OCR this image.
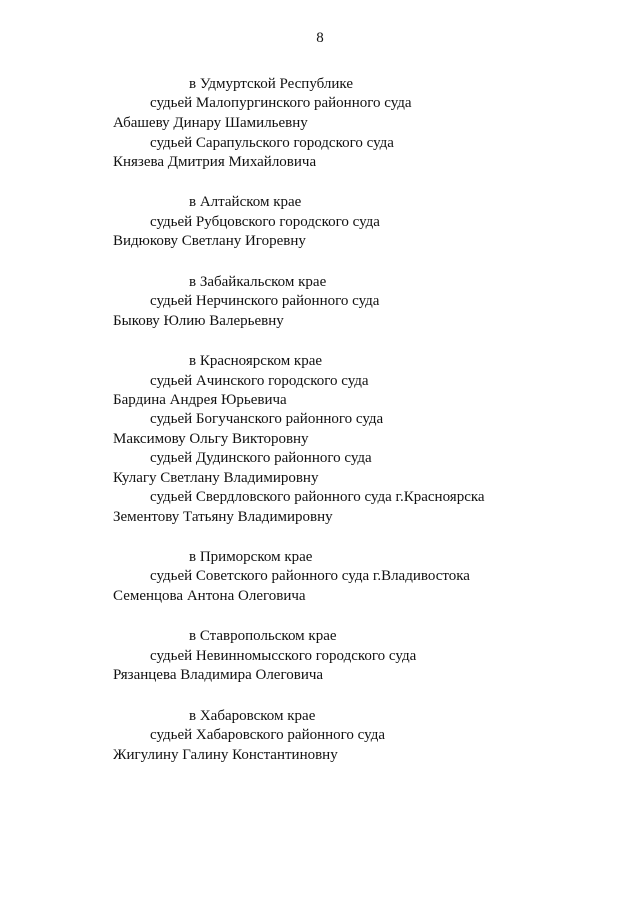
8
в Удмуртской Республике
судьей Малопургинского районного суда
Абашеву Динару Шамильевну
судьей Сарапульского городского суда
Князева Дмитрия Михайловича
в Алтайском крае
судьей Рубцовского городского суда
Видюкову Светлану Игоревну
в Забайкальском крае
судьей Нерчинского районного суда
Быкову Юлию Валерьевну
в Красноярском крае
судьей Ачинского городского суда
Бардина Андрея Юрьевича
судьей Богучанского районного суда
Максимову Ольгу Викторовну
судьей Дудинского районного суда
Кулагу Светлану Владимировну
судьей Свердловского районного суда г.Красноярска
Зементову Татьяну Владимировну
в Приморском крае
судьей Советского районного суда г.Владивостока
Семенцова Антона Олеговича
в Ставропольском крае
судьей Невинномысского городского суда
Рязанцева Владимира Олеговича
в Хабаровском крае
судьей Хабаровского районного суда
Жигулину Галину Константиновну
